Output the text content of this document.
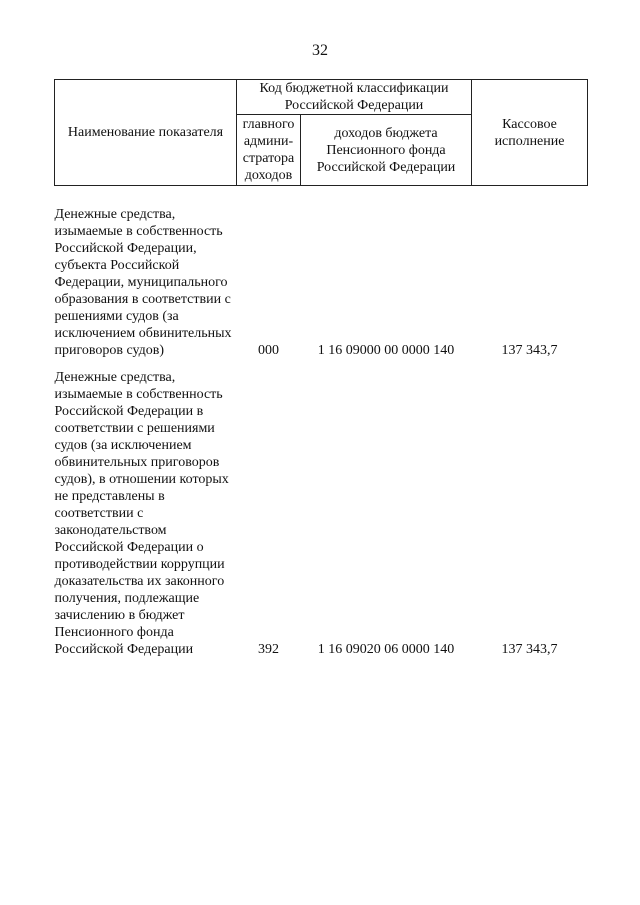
32
Наименование показателя	Код бюджетной классификации Российской Федерации		Кассовое исполнение
	главного админи-стратора доходов	доходов бюджета Пенсионного фонда Российской Федерации	
Денежные средства, изымаемые в собственность Российской Федерации, субъекта Российской Федерации, муниципального образования в соответствии с решениями судов (за исключением обвинительных приговоров судов)	000	1 16 09000 00 0000 140	137 343,7
Денежные средства, изымаемые в собственность Российской Федерации в соответствии с решениями судов (за исключением обвинительных приговоров судов), в отношении которых не представлены в соответствии с законодательством Российской Федерации о противодействии коррупции доказательства их законного получения, подлежащие зачислению в бюджет Пенсионного фонда Российской Федерации	392	1 16 09020 06 0000 140	137 343,7
